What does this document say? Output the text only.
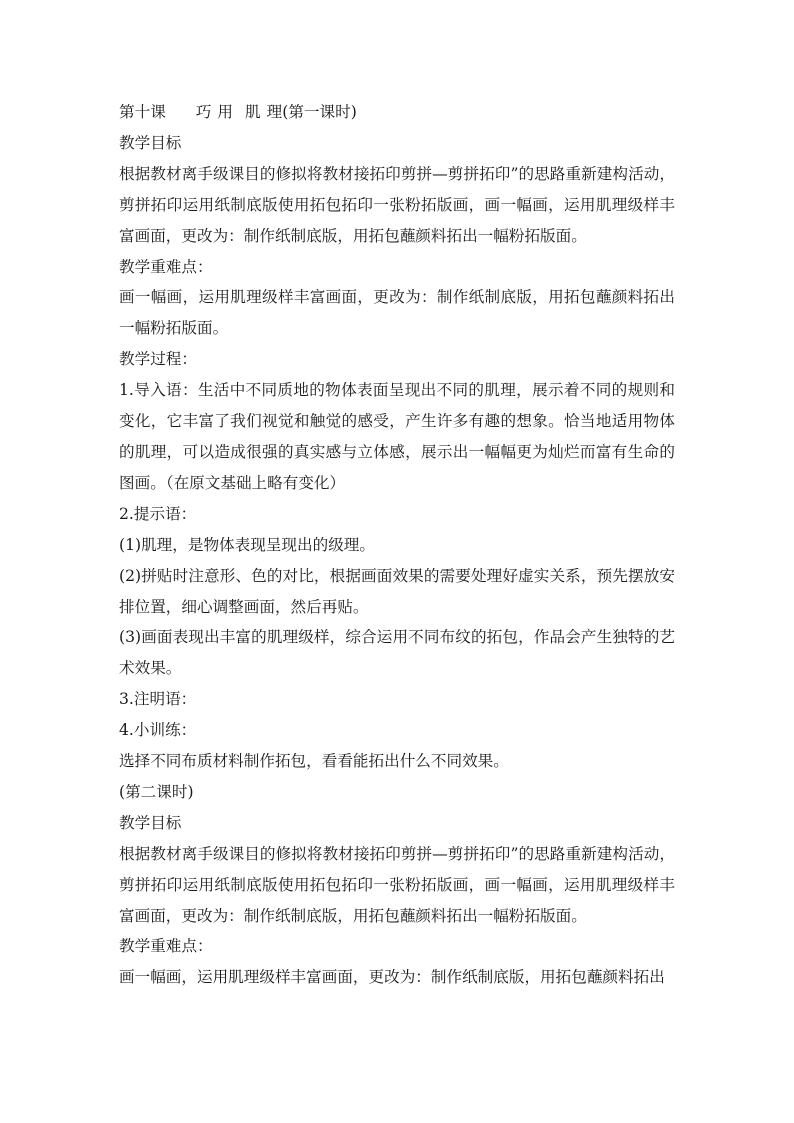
第十课 巧 用 肌 理(第一课时)

教学目标

根据教材离手级课目的修拟将教材接拓印剪拼—剪拼拓印”的思路重新建构活动，剪拼拓印运用纸制底版使用拓包拓印一张粉拓版画，画一幅画，运用肌理级样丰富画面，更改为：制作纸制底版，用拓包蘸颜料拓出一幅粉拓版面。

教学重难点：

画一幅画，运用肌理级样丰富画面，更改为：制作纸制底版，用拓包蘸颜料拓出一幅粉拓版面。

教学过程：

1.导入语：生活中不同质地的物体表面呈现出不同的肌理，展示着不同的规则和变化，它丰富了我们视觉和触觉的感受，产生许多有趣的想象。恰当地适用物体的肌理，可以造成很强的真实感与立体感，展示出一幅幅更为灿烂而富有生命的图画。（在原文基础上略有变化）

2.提示语：

(1)肌理，是物体表现呈现出的级理。

(2)拼贴时注意形、色的对比，根据画面效果的需要处理好虚实关系，预先摆放安排位置，细心调整画面，然后再贴。

(3)画面表现出丰富的肌理级样，综合运用不同布纹的拓包，作品会产生独特的艺术效果。

3.注明语：

4.小训练：

选择不同布质材料制作拓包，看看能拓出什么不同效果。

(第二课时)

教学目标

根据教材离手级课目的修拟将教材接拓印剪拼—剪拼拓印”的思路重新建构活动，剪拼拓印运用纸制底版使用拓包拓印一张粉拓版画，画一幅画，运用肌理级样丰富画面，更改为：制作纸制底版，用拓包蘸颜料拓出一幅粉拓版面。

教学重难点：

画一幅画，运用肌理级样丰富画面，更改为：制作纸制底版，用拓包蘸颜料拓出
